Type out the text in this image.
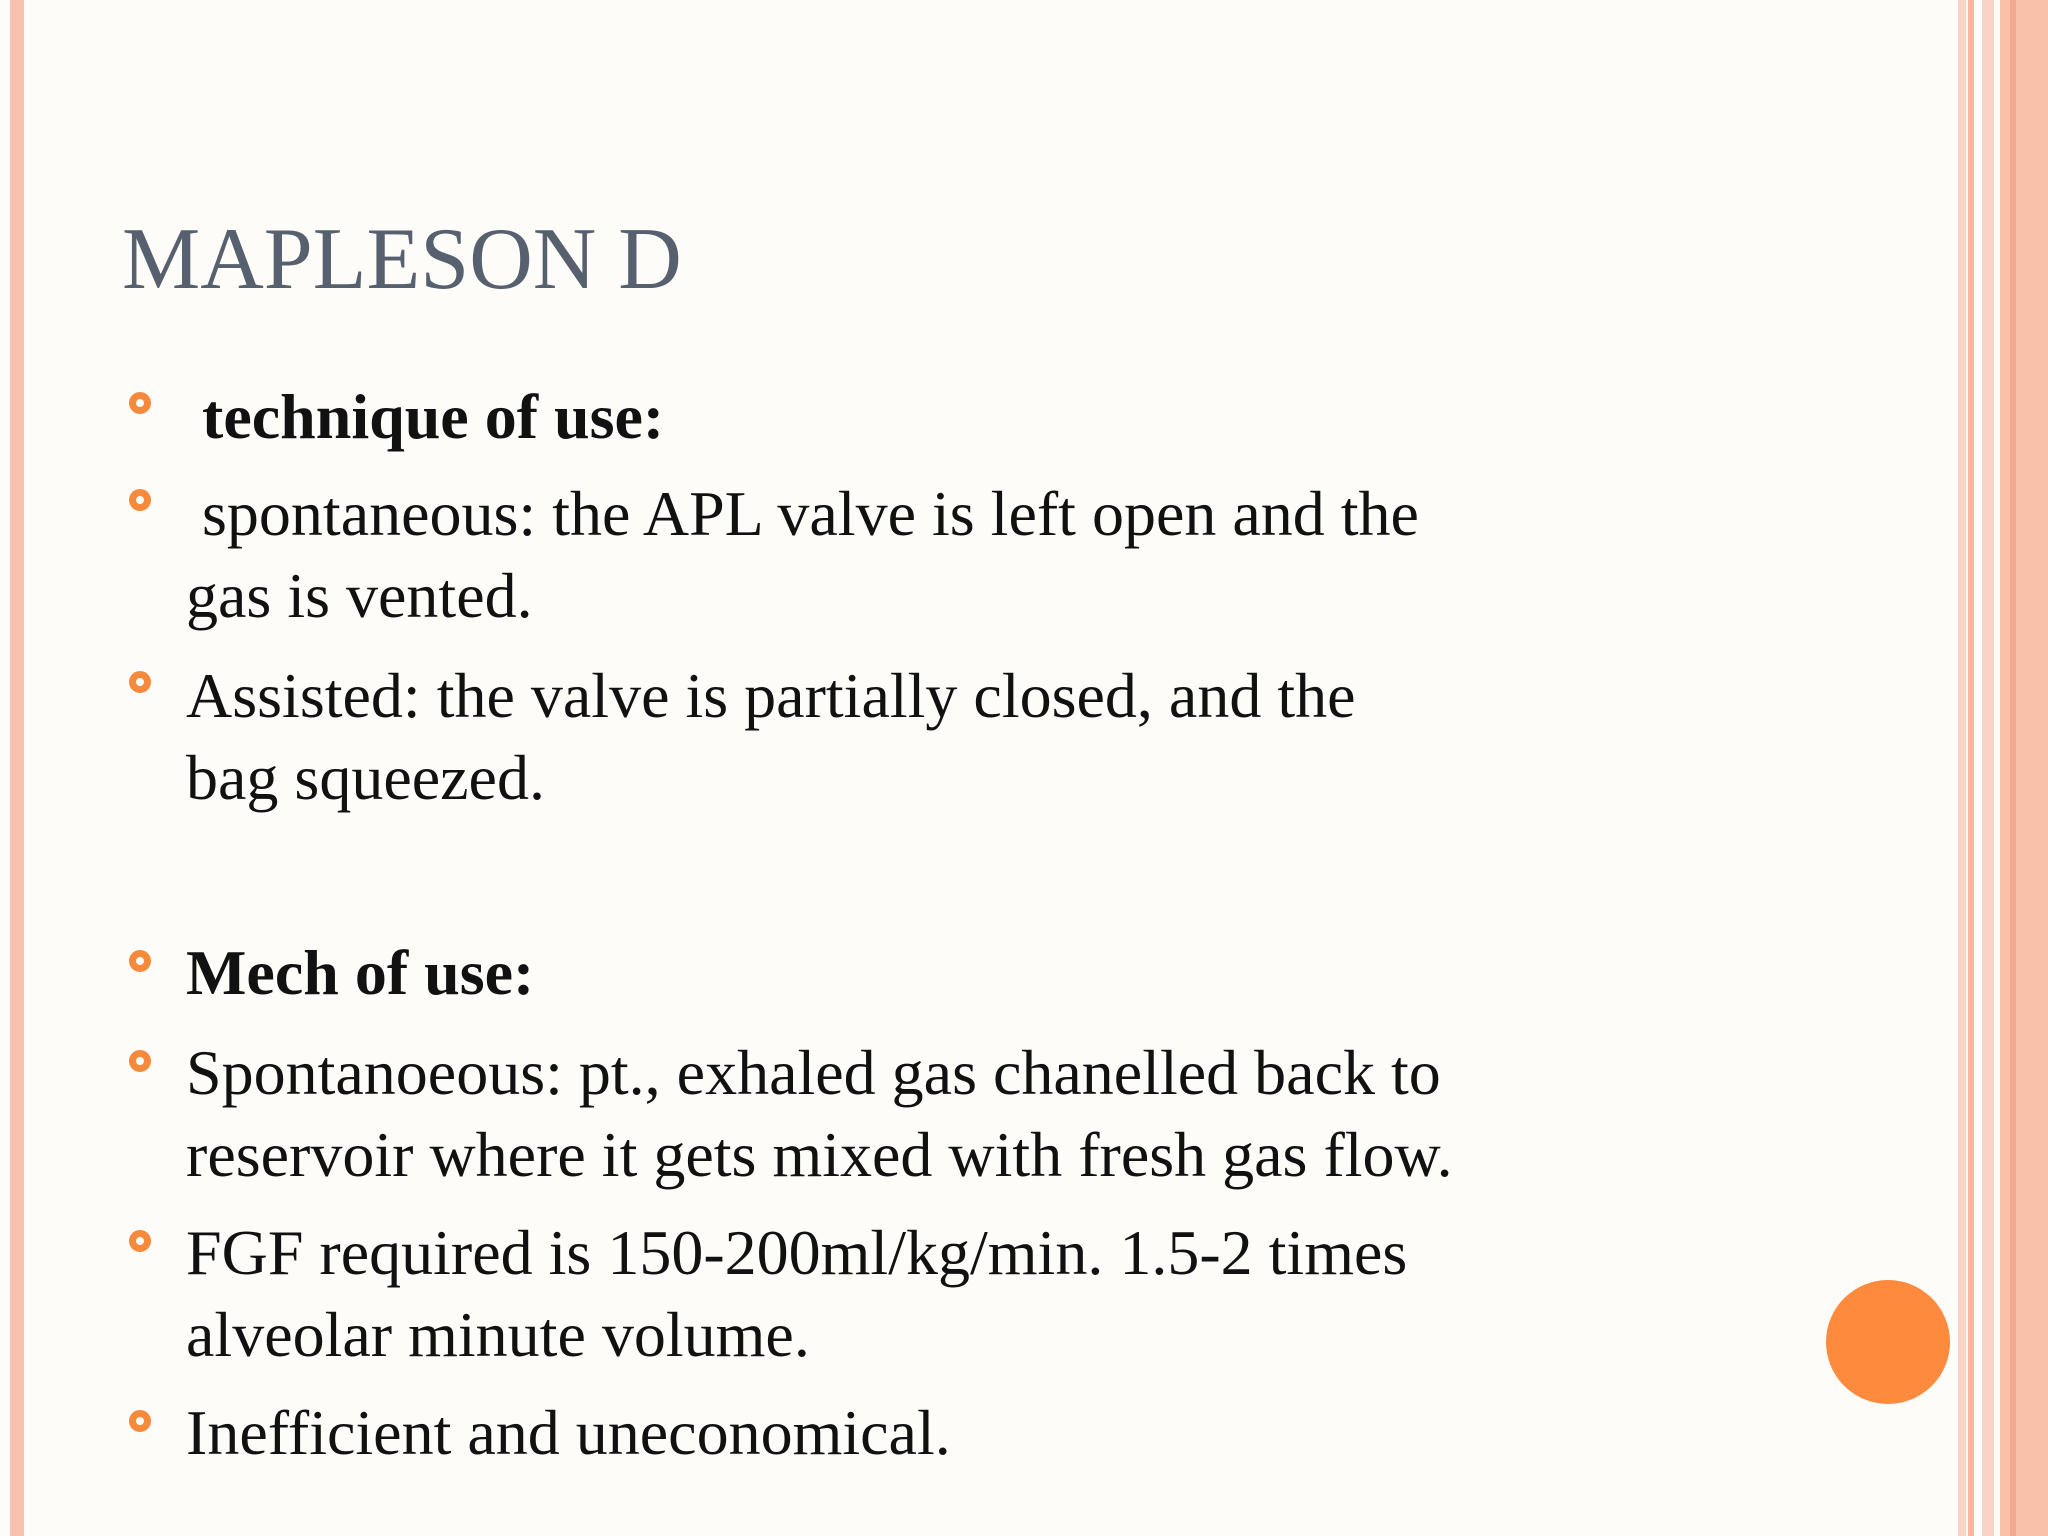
MAPLESON D
technique of use:
spontaneous: the APL valve is left open and the
gas is vented.
Assisted: the valve is partially closed, and the
bag squeezed.
Mech of use:
Spontanoeous: pt., exhaled gas chanelled back to
reservoir where it gets mixed with fresh gas flow.
FGF required is 150-200ml/kg/min. 1.5-2 times
alveolar minute volume.
Inefficient and uneconomical.
